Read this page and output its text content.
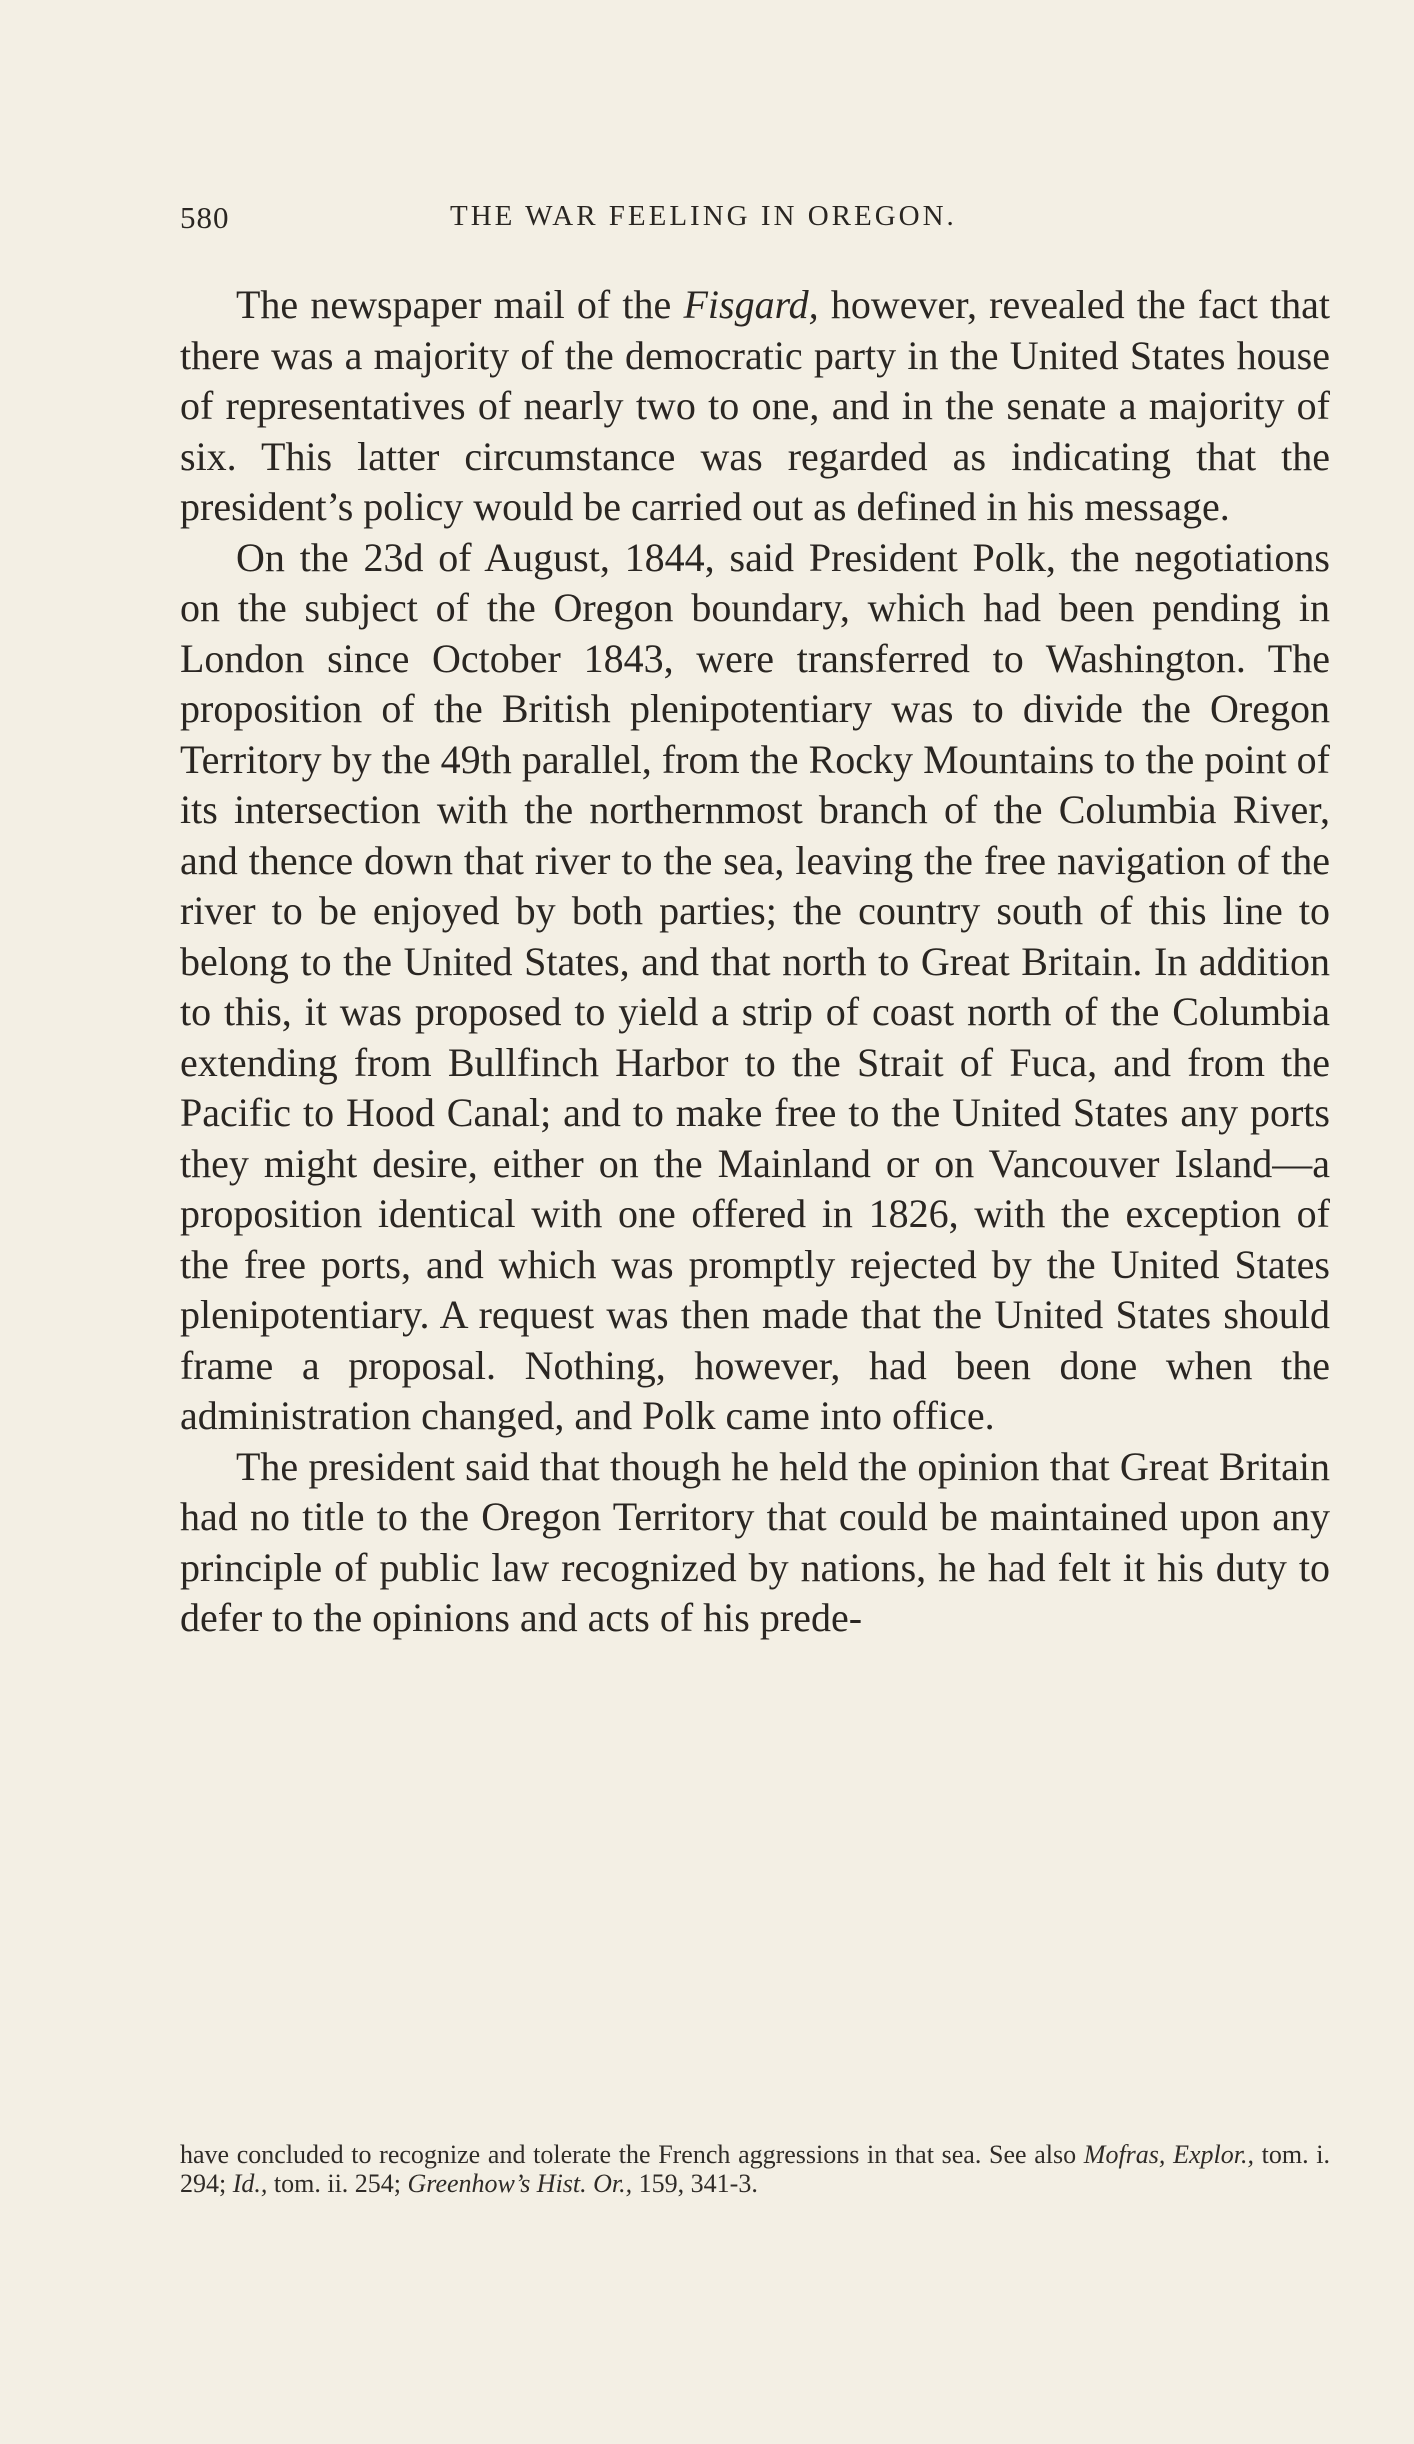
580	THE WAR FEELING IN OREGON.

The newspaper mail of the Fisgard, however, revealed the fact that there was a majority of the democratic party in the United States house of representatives of nearly two to one, and in the senate a majority of six. This latter circumstance was regarded as indicating that the president’s policy would be carried out as defined in his message.

On the 23d of August, 1844, said President Polk, the negotiations on the subject of the Oregon boundary, which had been pending in London since October 1843, were transferred to Washington. The proposition of the British plenipotentiary was to divide the Oregon Territory by the 49th parallel, from the Rocky Mountains to the point of its intersection with the northernmost branch of the Columbia River, and thence down that river to the sea, leaving the free navigation of the river to be enjoyed by both parties; the country south of this line to belong to the United States, and that north to Great Britain. In addition to this, it was proposed to yield a strip of coast north of the Columbia extending from Bullfinch Harbor to the Strait of Fuca, and from the Pacific to Hood Canal; and to make free to the United States any ports they might desire, either on the Mainland or on Vancouver Island—a proposition identical with one offered in 1826, with the exception of the free ports, and which was promptly rejected by the United States plenipotentiary. A request was then made that the United States should frame a proposal. Nothing, however, had been done when the administration changed, and Polk came into office.

The president said that though he held the opinion that Great Britain had no title to the Oregon Territory that could be maintained upon any principle of public law recognized by nations, he had felt it his duty to defer to the opinions and acts of his prede-

have concluded to recognize and tolerate the French aggressions in that sea. See also Mofras, Explor., tom. i. 294; Id., tom. ii. 254; Greenhow’s Hist. Or., 159, 341-3.
